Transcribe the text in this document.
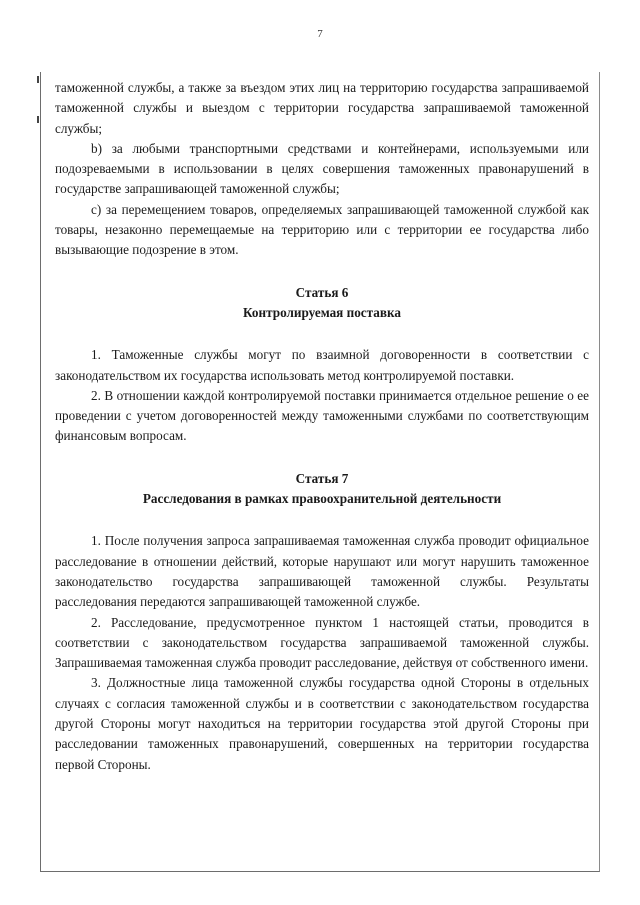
7

таможенной службы, а также за въездом этих лиц на территорию государства запрашиваемой таможенной службы и выездом с территории государства запрашиваемой таможенной службы;

b) за любыми транспортными средствами и контейнерами, используемыми или подозреваемыми в использовании в целях совершения таможенных правонарушений в государстве запрашивающей таможенной службы;

c) за перемещением товаров, определяемых запрашивающей таможенной службой как товары, незаконно перемещаемые на территорию или с территории ее государства либо вызывающие подозрение в этом.

Статья 6

Контролируемая поставка

1. Таможенные службы могут по взаимной договоренности в соответствии с законодательством их государства использовать метод контролируемой поставки.

2. В отношении каждой контролируемой поставки принимается отдельное решение о ее проведении с учетом договоренностей между таможенными службами по соответствующим финансовым вопросам.

Статья 7

Расследования в рамках правоохранительной деятельности

1. После получения запроса запрашиваемая таможенная служба проводит официальное расследование в отношении действий, которые нарушают или могут нарушить таможенное законодательство государства запрашивающей таможенной службы. Результаты расследования передаются запрашивающей таможенной службе.

2. Расследование, предусмотренное пунктом 1 настоящей статьи, проводится в соответствии с законодательством государства запрашиваемой таможенной службы. Запрашиваемая таможенная служба проводит расследование, действуя от собственного имени.

3. Должностные лица таможенной службы государства одной Стороны в отдельных случаях с согласия таможенной службы и в соответствии с законодательством государства другой Стороны могут находиться на территории государства этой другой Стороны при расследовании таможенных правонарушений, совершенных на территории государства первой Стороны.
